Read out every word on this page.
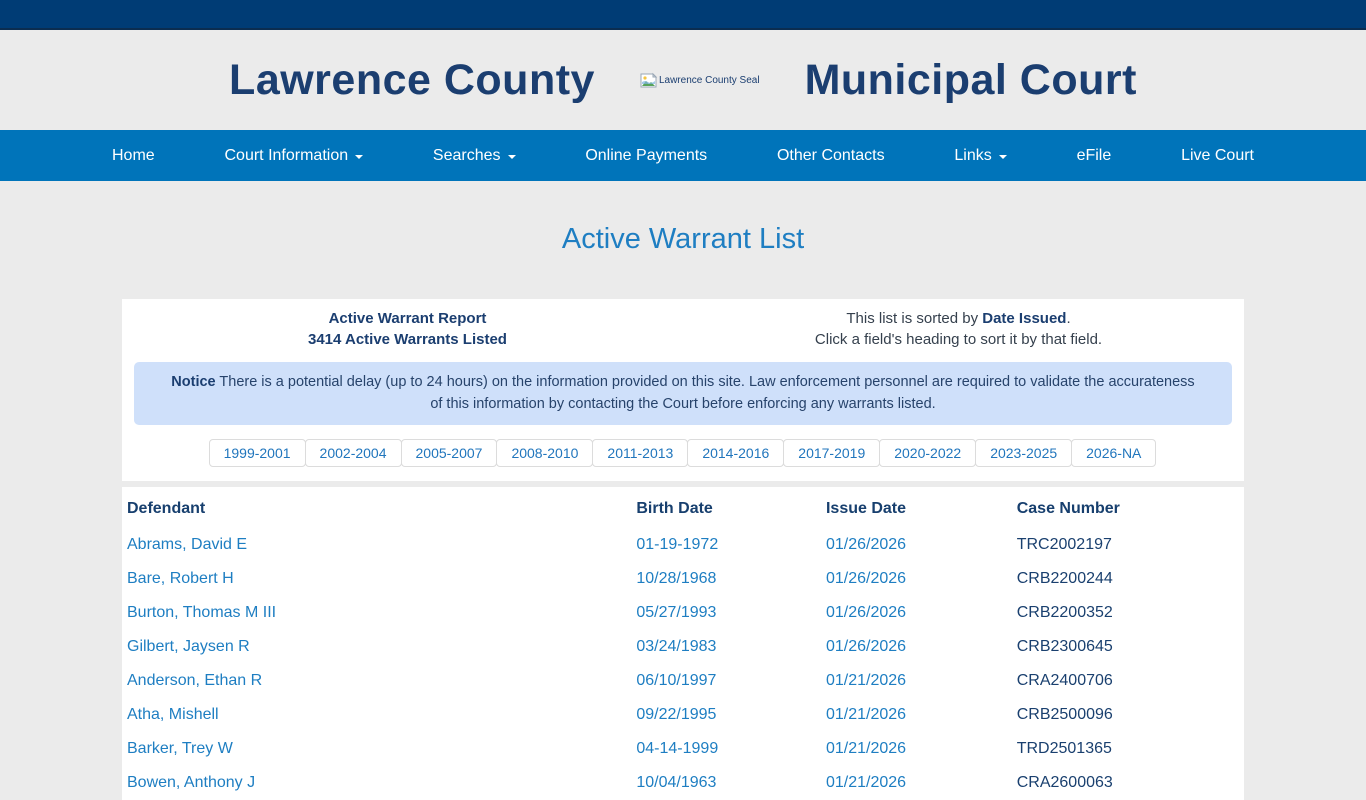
Lawrence County	Lawrence County Seal Municipal Court
Home	Court Information	Searches	Online Payments	Other Contacts	Links	eFile	Live Court
Active Warrant List
Active Warrant Report
3414 Active Warrants Listed
This list is sorted by Date Issued.
Click a field's heading to sort it by that field.
Notice There is a potential delay (up to 24 hours) on the information provided on this site. Law enforcement personnel are required to validate the accurateness of this information by contacting the Court before enforcing any warrants listed.
1999-2001	2002-2004	2005-2007	2008-2010	2011-2013	2014-2016	2017-2019	2020-2022	2023-2025	2026-NA
Defendant	Birth Date	Issue Date	Case Number
Abrams, David E	01-19-1972	01/26/2026	TRC2002197
Bare, Robert H	10/28/1968	01/26/2026	CRB2200244
Burton, Thomas M III	05/27/1993	01/26/2026	CRB2200352
Gilbert, Jaysen R	03/24/1983	01/26/2026	CRB2300645
Anderson, Ethan R	06/10/1997	01/21/2026	CRA2400706
Atha, Mishell	09/22/1995	01/21/2026	CRB2500096
Barker, Trey W	04-14-1999	01/21/2026	TRD2501365
Bowen, Anthony J	10/04/1963	01/21/2026	CRA2600063
